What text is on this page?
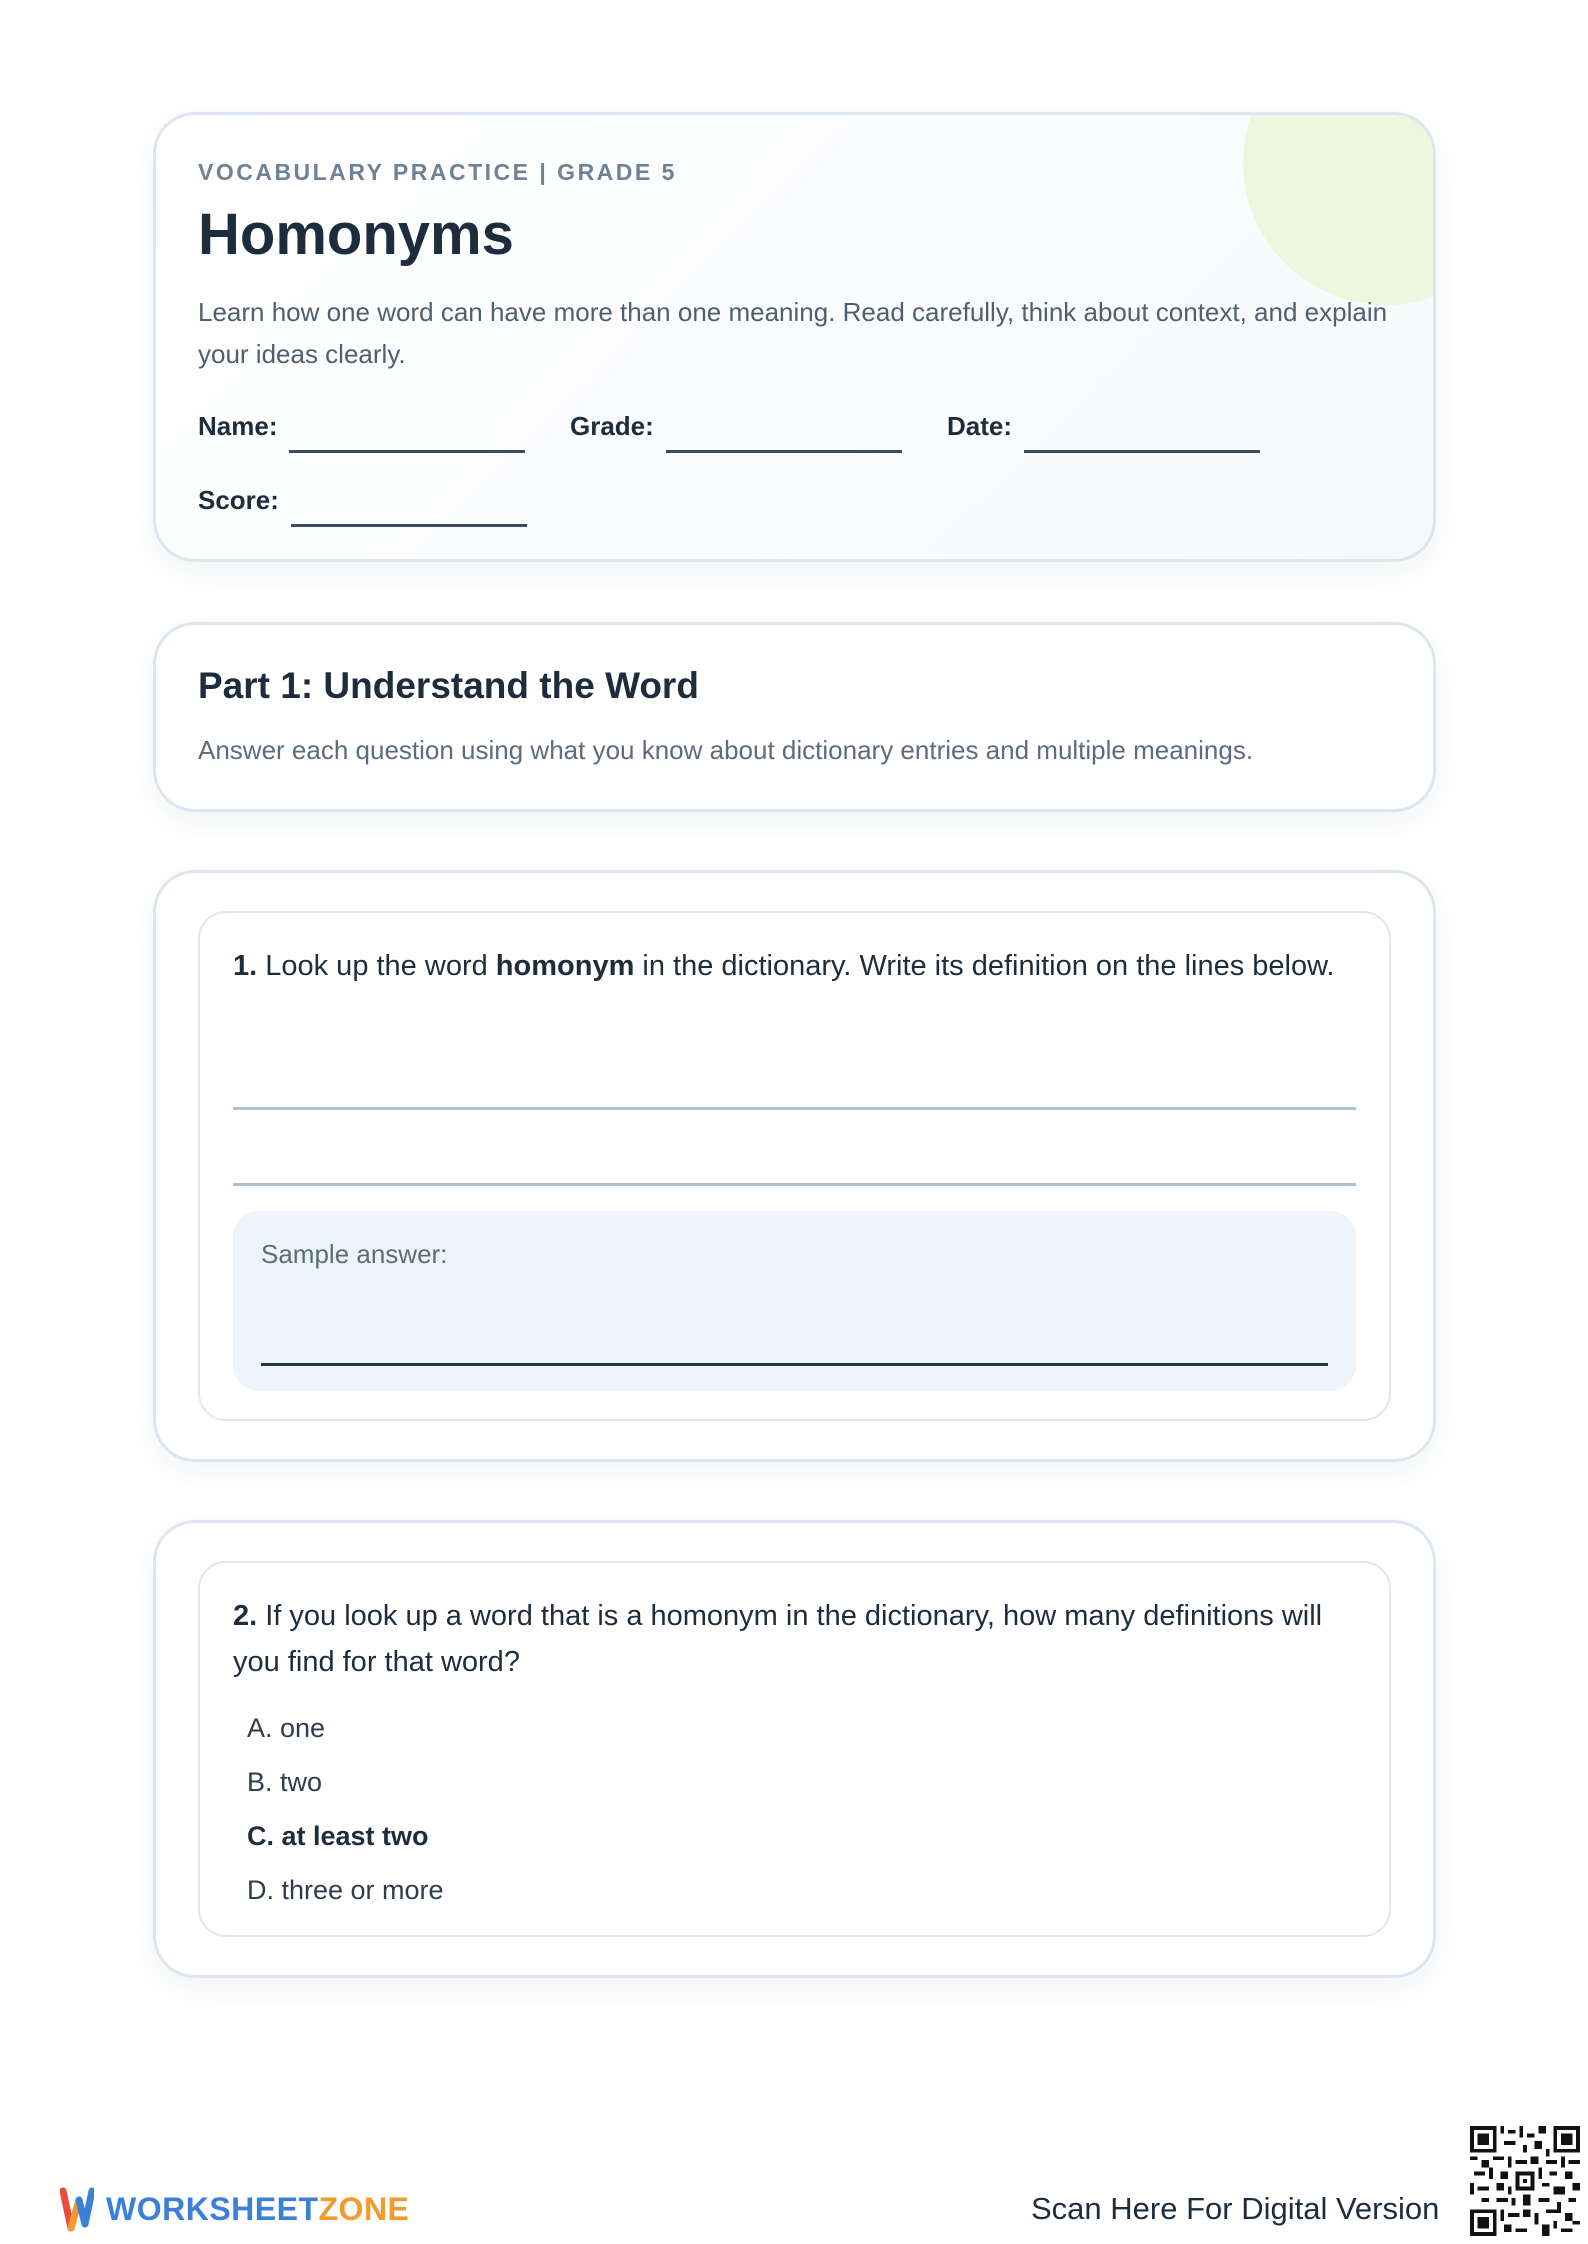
VOCABULARY PRACTICE | GRADE 5
Homonyms
Learn how one word can have more than one meaning. Read carefully, think about context, and explain your ideas clearly.
Name:	Grade:	Date:
Score:
Part 1: Understand the Word
Answer each question using what you know about dictionary entries and multiple meanings.
1. Look up the word homonym in the dictionary. Write its definition on the lines below.
Sample answer:
2. If you look up a word that is a homonym in the dictionary, how many definitions will you find for that word?
A. one
B. two
C. at least two
D. three or more
WORKSHEETZONE	Scan Here For Digital Version
